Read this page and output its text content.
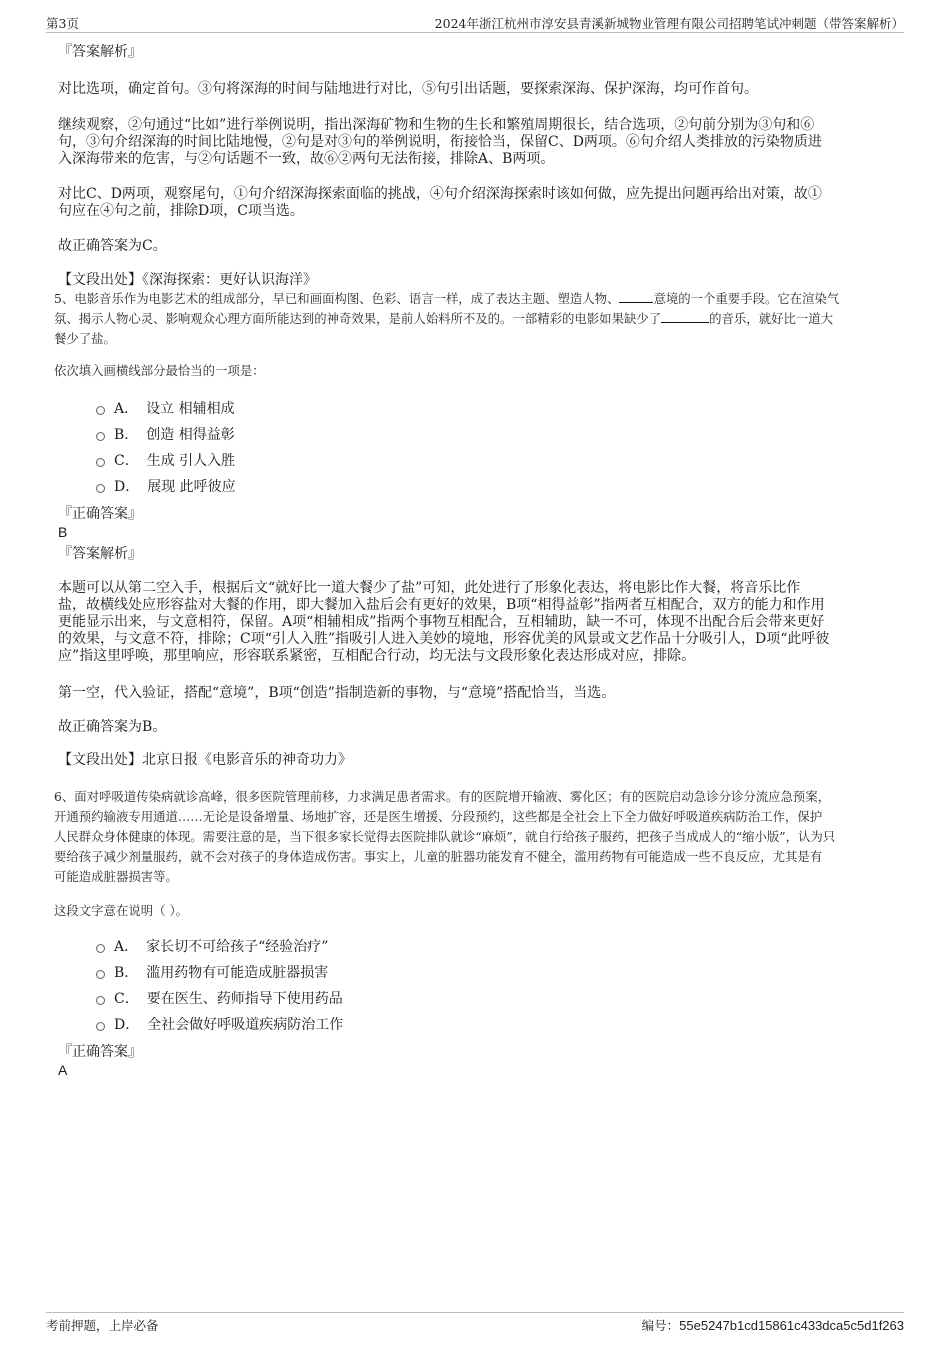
第3页	2024年浙江杭州市淳安县青溪新城物业管理有限公司招聘笔试冲刺题（带答案解析）
『答案解析』
对比选项，确定首句。③句将深海的时间与陆地进行对比，⑤句引出话题，要探索深海、保护深海，均可作首句。
继续观察，②句通过“比如”进行举例说明，指出深海矿物和生物的生长和繁殖周期很长，结合选项，②句前分别为③句和⑥
句，③句介绍深海的时间比陆地慢，②句是对③句的举例说明，衔接恰当，保留C、D两项。⑥句介绍人类排放的污染物质进
入深海带来的危害，与②句话题不一致，故⑥②两句无法衔接，排除A、B两项。
对比C、D两项，观察尾句，①句介绍深海探索面临的挑战，④句介绍深海探索时该如何做，应先提出问题再给出对策，故①
句应在④句之前，排除D项，C项当选。
故正确答案为C。
【文段出处】《深海探索：更好认识海洋》
5、电影音乐作为电影艺术的组成部分，早已和画面构图、色彩、语言一样，成了表达主题、塑造人物、	意境的一个重要手段。它在渲染气
氛、揭示人物心灵、影响观众心理方面所能达到的神奇效果，是前人始料所不及的。一部精彩的电影如果缺少了	的音乐，就好比一道大
餐少了盐。
依次填入画横线部分最恰当的一项是：
A． 设立 相辅相成
B． 创造 相得益彰
C． 生成 引人入胜
D． 展现 此呼彼应
『正确答案』
B
『答案解析』
本题可以从第二空入手，根据后文“就好比一道大餐少了盐”可知，此处进行了形象化表达，将电影比作大餐，将音乐比作
盐，故横线处应形容盐对大餐的作用，即大餐加入盐后会有更好的效果，B项“相得益彰”指两者互相配合，双方的能力和作用
更能显示出来，与文意相符，保留。A项“相辅相成”指两个事物互相配合，互相辅助，缺一不可，体现不出配合后会带来更好
的效果，与文意不符，排除；C项“引人入胜”指吸引人进入美妙的境地，形容优美的风景或文艺作品十分吸引人，D项“此呼彼
应”指这里呼唤，那里响应，形容联系紧密，互相配合行动，均无法与文段形象化表达形成对应，排除。
第一空，代入验证，搭配“意境”，B项“创造”指制造新的事物，与“意境”搭配恰当，当选。
故正确答案为B。
【文段出处】北京日报《电影音乐的神奇功力》
6、面对呼吸道传染病就诊高峰，很多医院管理前移，力求满足患者需求。有的医院增开输液、雾化区；有的医院启动急诊分诊分流应急预案，
开通预约输液专用通道……无论是设备增量、场地扩容，还是医生增援、分段预约，这些都是全社会上下全力做好呼吸道疾病防治工作，保护
人民群众身体健康的体现。需要注意的是，当下很多家长觉得去医院排队就诊“麻烦”，就自行给孩子服药，把孩子当成成人的“缩小版”，认为只
要给孩子减少剂量服药，就不会对孩子的身体造成伤害。事实上，儿童的脏器功能发育不健全，滥用药物有可能造成一些不良反应，尤其是有
可能造成脏器损害等。
这段文字意在说明（ ）。
A． 家长切不可给孩子“经验治疗”
B． 滥用药物有可能造成脏器损害
C． 要在医生、药师指导下使用药品
D． 全社会做好呼吸道疾病防治工作
『正确答案』
A
考前押题，上岸必备	编号：55e5247b1cd15861c433dca5c5d1f263
